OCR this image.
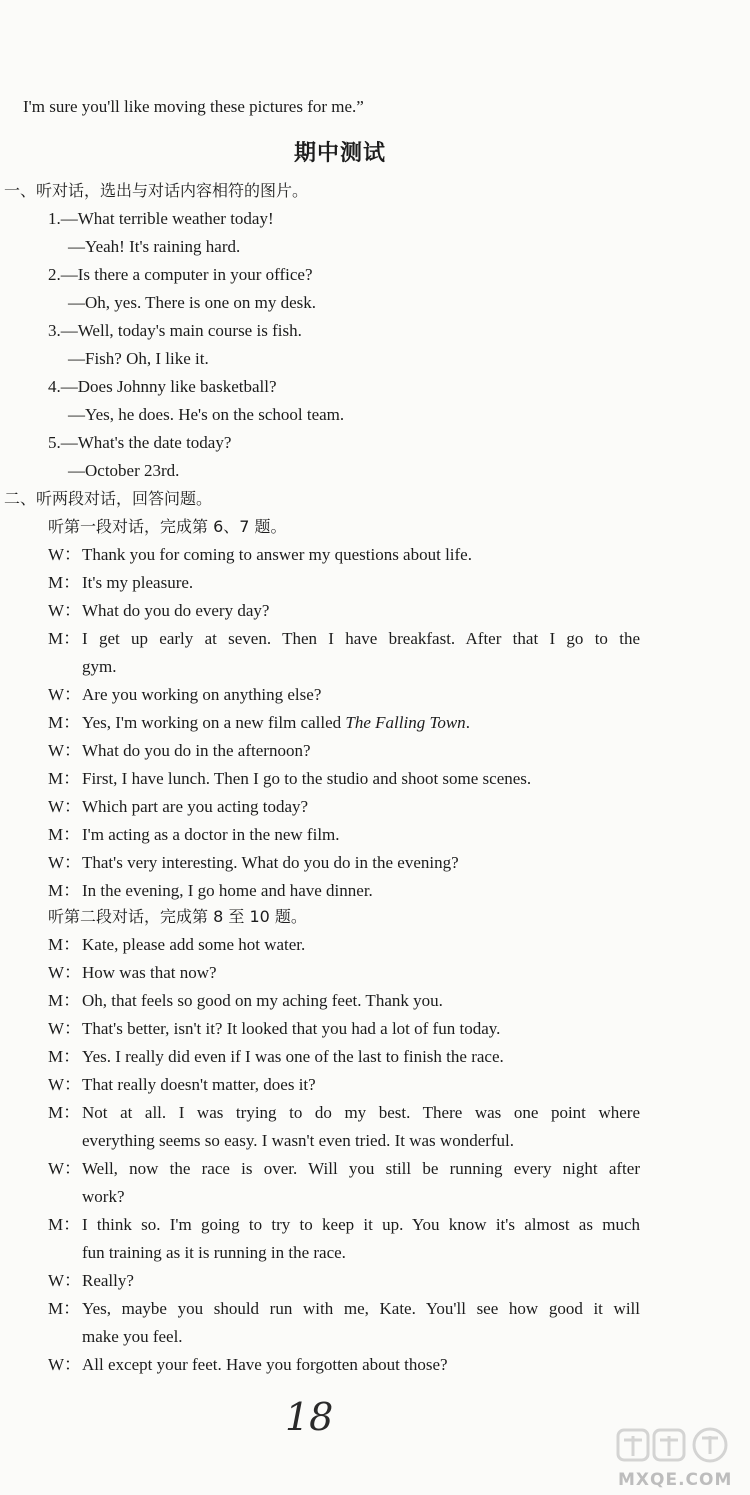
I'm sure you'll like moving these pictures for me.”
期中测试
一、听对话，选出与对话内容相符的图片。
1.—What terrible weather today!
—Yeah! It's raining hard.
2.—Is there a computer in your office?
—Oh, yes. There is one on my desk.
3.—Well, today's main course is fish.
—Fish? Oh, I like it.
4.—Does Johnny like basketball?
—Yes, he does. He's on the school team.
5.—What's the date today?
—October 23rd.
二、听两段对话，回答问题。
听第一段对话，完成第 6、7 题。
W： Thank you for coming to answer my questions about life.
M： It's my pleasure.
W： What do you do every day?
M： I get up early at seven. Then I have breakfast. After that I go to the
gym.
W： Are you working on anything else?
M： Yes, I'm working on a new film called The Falling Town.
W： What do you do in the afternoon?
M： First, I have lunch. Then I go to the studio and shoot some scenes.
W： Which part are you acting today?
M： I'm acting as a doctor in the new film.
W： That's very interesting. What do you do in the evening?
M： In the evening, I go home and have dinner.
听第二段对话，完成第 8 至 10 题。
M： Kate, please add some hot water.
W： How was that now?
M： Oh, that feels so good on my aching feet. Thank you.
W： That's better, isn't it? It looked that you had a lot of fun today.
M： Yes. I really did even if I was one of the last to finish the race.
W： That really doesn't matter, does it?
M： Not at all. I was trying to do my best. There was one point where
everything seems so easy. I wasn't even tried. It was wonderful.
W： Well, now the race is over. Will you still be running every night after
work?
M： I think so. I'm going to try to keep it up. You know it's almost as much
fun training as it is running in the race.
W： Really?
M： Yes, maybe you should run with me, Kate. You'll see how good it will
make you feel.
W： All except your feet. Have you forgotten about those?
18
MXQE.COM
